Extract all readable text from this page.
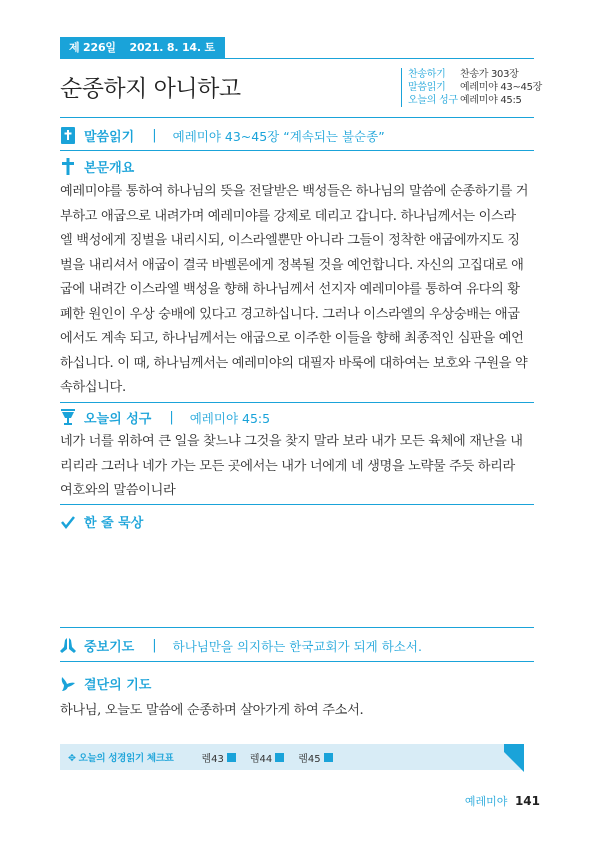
제 226일 2021. 8. 14. 토
순종하지 아니하고
찬송하기 찬송가 303장
말씀읽기 예레미야 43~45장
오늘의 성구 예레미야 45:5
말씀읽기 | 예레미야 43~45장 “계속되는 불순종”
본문개요
예레미야를 통하여 하나님의 뜻을 전달받은 백성들은 하나님의 말씀에 순종하기를 거
부하고 애굽으로 내려가며 예레미야를 강제로 데리고 갑니다. 하나님께서는 이스라
엘 백성에게 징벌을 내리시되, 이스라엘뿐만 아니라 그들이 정착한 애굽에까지도 징
벌을 내리셔서 애굽이 결국 바벨론에게 정복될 것을 예언합니다. 자신의 고집대로 애
굽에 내려간 이스라엘 백성을 향해 하나님께서 선지자 예레미야를 통하여 유다의 황
폐한 원인이 우상 숭배에 있다고 경고하십니다. 그러나 이스라엘의 우상숭배는 애굽
에서도 계속 되고, 하나님께서는 애굽으로 이주한 이들을 향해 최종적인 심판을 예언
하십니다. 이 때, 하나님께서는 예레미야의 대필자 바룩에 대하여는 보호와 구원을 약
속하십니다.
오늘의 성구 | 예레미야 45:5
네가 너를 위하여 큰 일을 찾느냐 그것을 찾지 말라 보라 내가 모든 육체에 재난을 내
리리라 그러나 네가 가는 모든 곳에서는 내가 너에게 네 생명을 노략물 주듯 하리라
여호와의 말씀이니라
한 줄 묵상
중보기도 | 하나님만을 의지하는 한국교회가 되게 하소서.
결단의 기도
하나님, 오늘도 말씀에 순종하며 살아가게 하여 주소서.
✥ 오늘의 성경읽기 체크표	렘43	렘44	렘45
예레미야 141
